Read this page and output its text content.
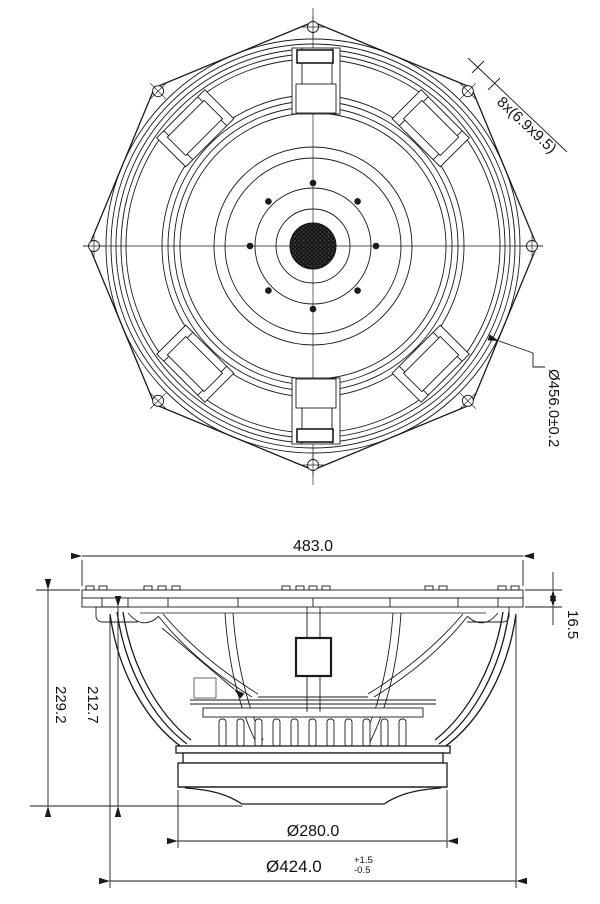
8x(6.9x9.5)
Ø456.0±0.2
483.0
16.5
229.2 212.7
Ø280.0
Ø424.0	+1.5 -0.5
